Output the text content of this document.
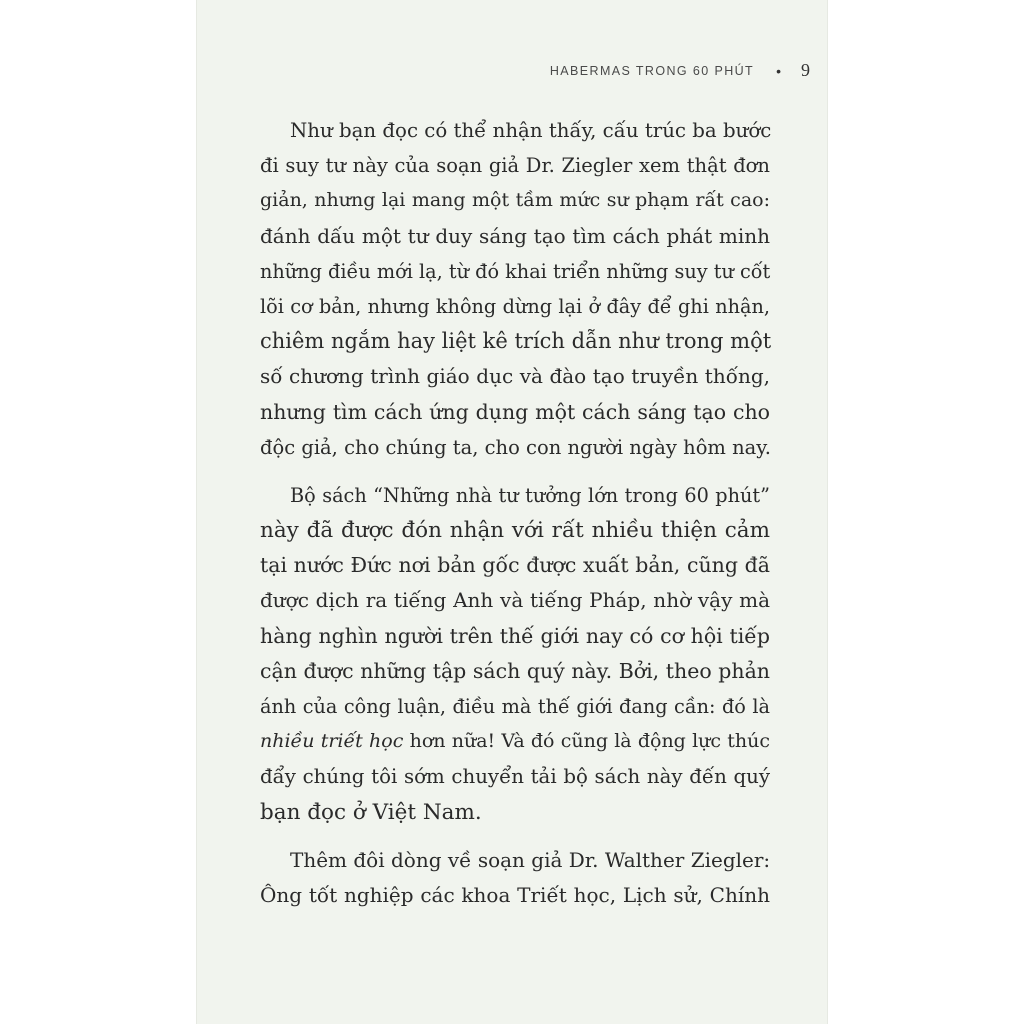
HABERMAS TRONG 60 PHÚT • 9
Như bạn đọc có thể nhận thấy, cấu trúc ba bước
đi suy tư này của soạn giả Dr. Ziegler xem thật đơn
giản, nhưng lại mang một tầm mức sư phạm rất cao:
đánh dấu một tư duy sáng tạo tìm cách phát minh
những điều mới lạ, từ đó khai triển những suy tư cốt
lõi cơ bản, nhưng không dừng lại ở đây để ghi nhận,
chiêm ngắm hay liệt kê trích dẫn như trong một
số chương trình giáo dục và đào tạo truyền thống,
nhưng tìm cách ứng dụng một cách sáng tạo cho
độc giả, cho chúng ta, cho con người ngày hôm nay.
Bộ sách “Những nhà tư tưởng lớn trong 60 phút”
này đã được đón nhận với rất nhiều thiện cảm
tại nước Đức nơi bản gốc được xuất bản, cũng đã
được dịch ra tiếng Anh và tiếng Pháp, nhờ vậy mà
hàng nghìn người trên thế giới nay có cơ hội tiếp
cận được những tập sách quý này. Bởi, theo phản
ánh của công luận, điều mà thế giới đang cần: đó là
nhiều triết học hơn nữa! Và đó cũng là động lực thúc
đẩy chúng tôi sớm chuyển tải bộ sách này đến quý
bạn đọc ở Việt Nam.
Thêm đôi dòng về soạn giả Dr. Walther Ziegler:
Ông tốt nghiệp các khoa Triết học, Lịch sử, Chính
